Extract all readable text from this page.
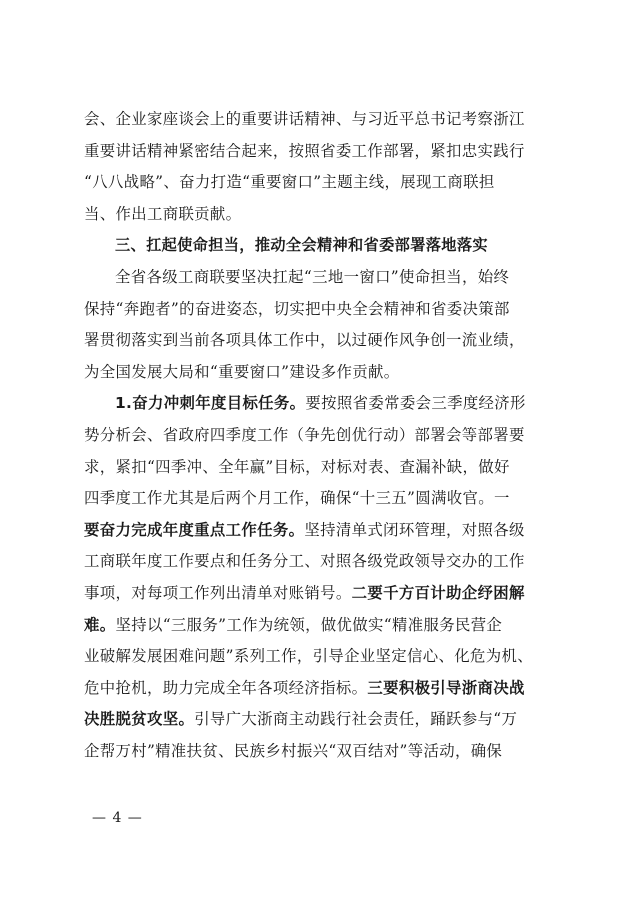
会、企业家座谈会上的重要讲话精神、与习近平总书记考察浙江
重要讲话精神紧密结合起来，按照省委工作部署，紧扣忠实践行
“八八战略”、奋力打造“重要窗口”主题主线，展现工商联担
当、作出工商联贡献。
三、扛起使命担当，推动全会精神和省委部署落地落实
全省各级工商联要坚决扛起“三地一窗口”使命担当，始终
保持“奔跑者”的奋进姿态，切实把中央全会精神和省委决策部
署贯彻落实到当前各项具体工作中，以过硬作风争创一流业绩，
为全国发展大局和“重要窗口”建设多作贡献。
1.奋力冲刺年度目标任务。要按照省委常委会三季度经济形
势分析会、省政府四季度工作（争先创优行动）部署会等部署要
求，紧扣“四季冲、全年赢”目标，对标对表、查漏补缺，做好
四季度工作尤其是后两个月工作，确保“十三五”圆满收官。一
要奋力完成年度重点工作任务。坚持清单式闭环管理，对照各级
工商联年度工作要点和任务分工、对照各级党政领导交办的工作
事项，对每项工作列出清单对账销号。二要千方百计助企纾困解
难。坚持以“三服务”工作为统领，做优做实“精准服务民营企
业破解发展困难问题”系列工作，引导企业坚定信心、化危为机、
危中抢机，助力完成全年各项经济指标。三要积极引导浙商决战
决胜脱贫攻坚。引导广大浙商主动践行社会责任，踊跃参与“万
企帮万村”精准扶贫、民族乡村振兴“双百结对”等活动，确保
— 4 —
